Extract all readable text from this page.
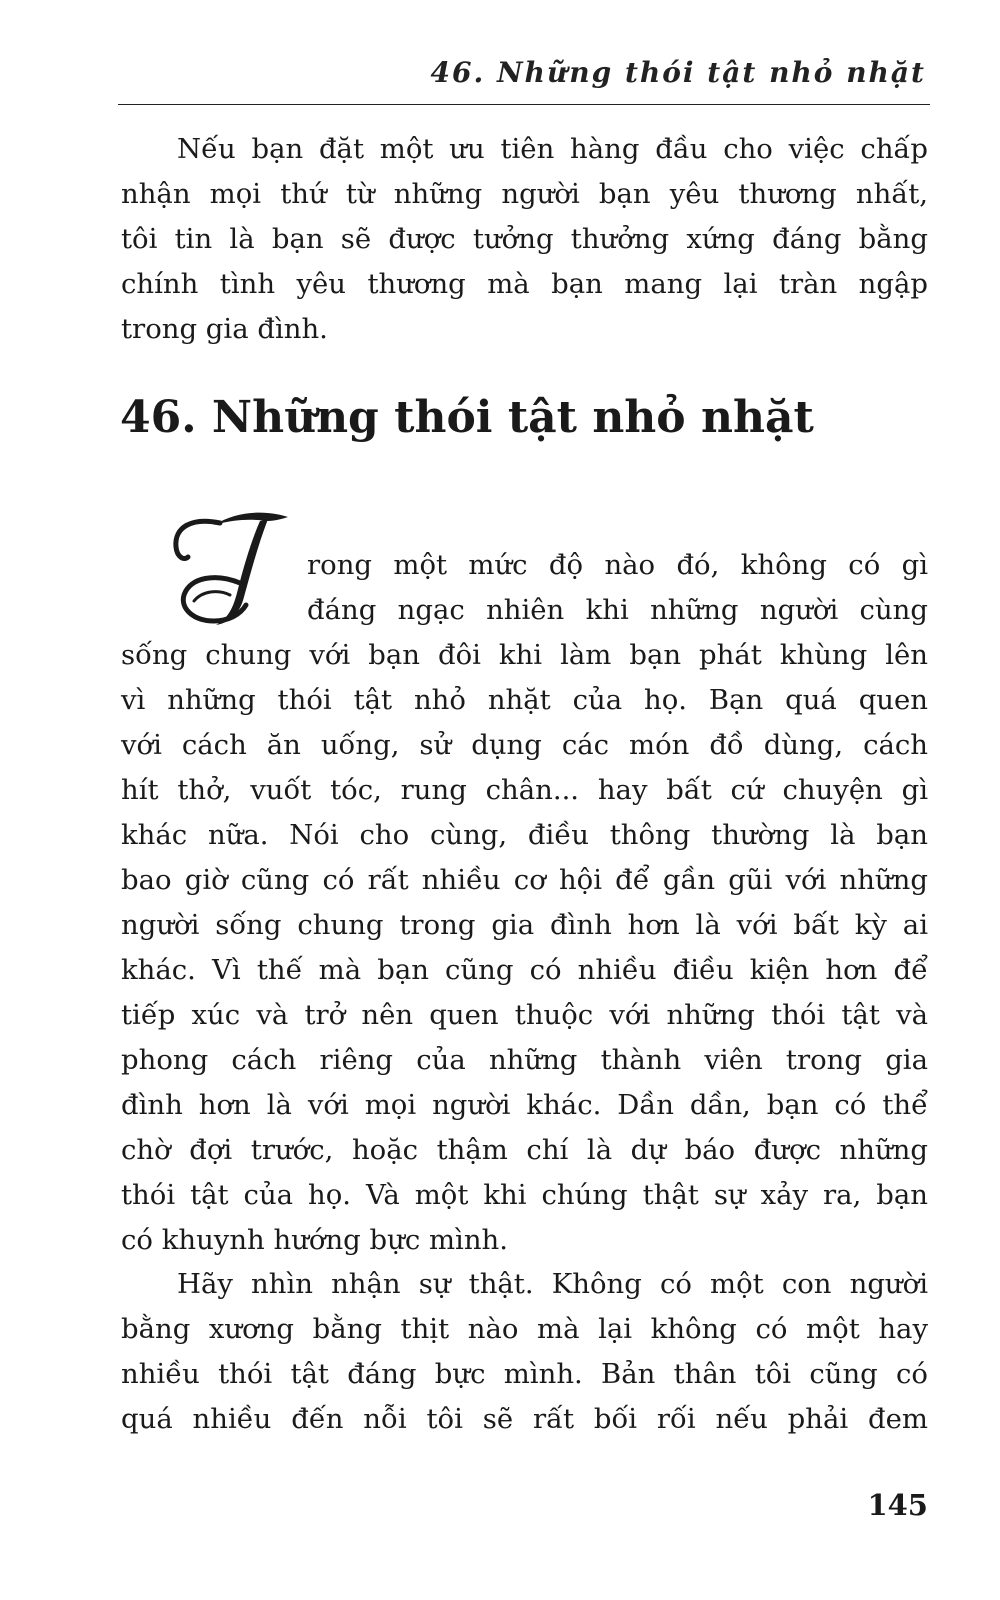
46. Những thói tật nhỏ nhặt
Nếu bạn đặt một ưu tiên hàng đầu cho việc chấp
nhận mọi thứ từ những người bạn yêu thương nhất,
tôi tin là bạn sẽ được tưởng thưởng xứng đáng bằng
chính tình yêu thương mà bạn mang lại tràn ngập
trong gia đình.
46. Những thói tật nhỏ nhặt
rong một mức độ nào đó, không có gì
đáng ngạc nhiên khi những người cùng
sống chung với bạn đôi khi làm bạn phát khùng lên
vì những thói tật nhỏ nhặt của họ. Bạn quá quen
với cách ăn uống, sử dụng các món đồ dùng, cách
hít thở, vuốt tóc, rung chân... hay bất cứ chuyện gì
khác nữa. Nói cho cùng, điều thông thường là bạn
bao giờ cũng có rất nhiều cơ hội để gần gũi với những
người sống chung trong gia đình hơn là với bất kỳ ai
khác. Vì thế mà bạn cũng có nhiều điều kiện hơn để
tiếp xúc và trở nên quen thuộc với những thói tật và
phong cách riêng của những thành viên trong gia
đình hơn là với mọi người khác. Dần dần, bạn có thể
chờ đợi trước, hoặc thậm chí là dự báo được những
thói tật của họ. Và một khi chúng thật sự xảy ra, bạn
có khuynh hướng bực mình.
Hãy nhìn nhận sự thật. Không có một con người
bằng xương bằng thịt nào mà lại không có một hay
nhiều thói tật đáng bực mình. Bản thân tôi cũng có
quá nhiều đến nỗi tôi sẽ rất bối rối nếu phải đem
145
